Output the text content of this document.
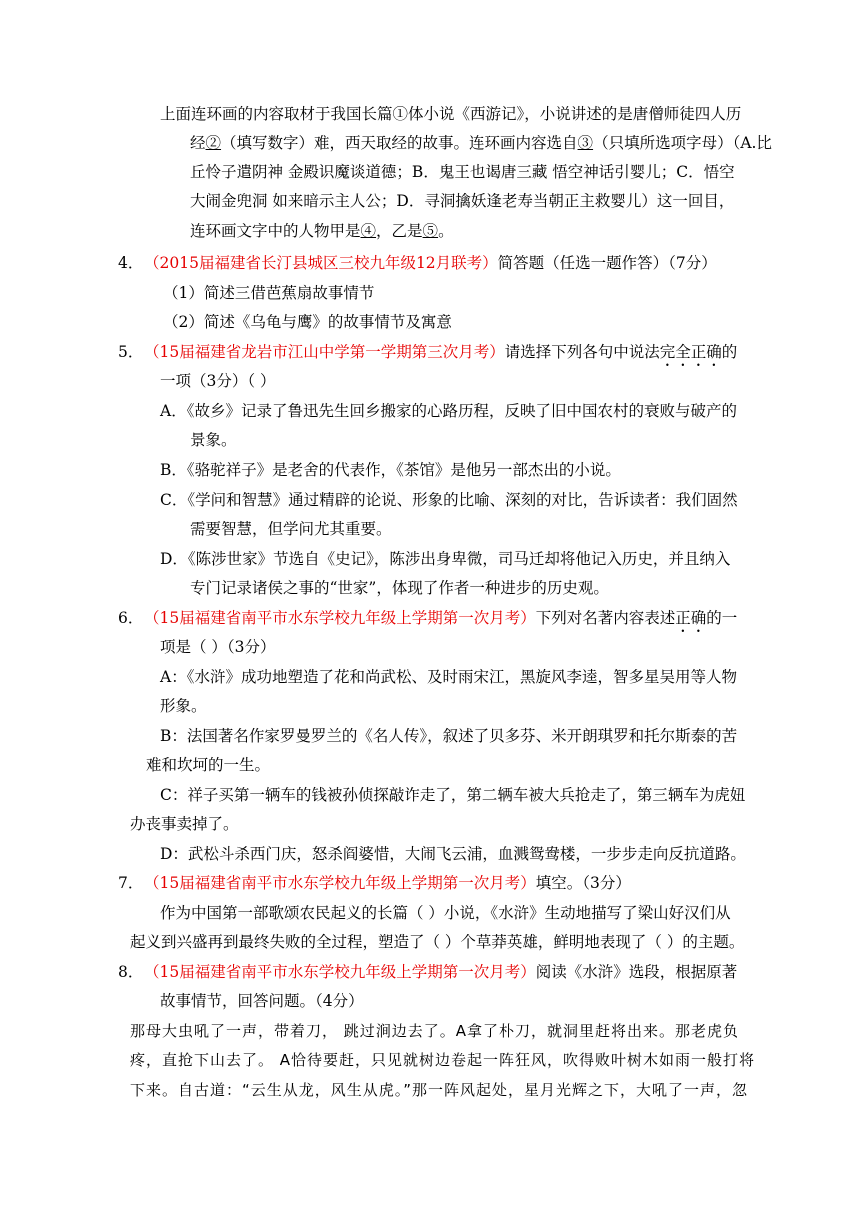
上面连环画的内容取材于我国长篇①体小说《西游记》，小说讲述的是唐僧师徒四人历
经②（填写数字）难，西天取经的故事。连环画内容选自③（只填所选项字母）（A.比
丘怜子遣阴神 金殿识魔谈道德；B．鬼王也谒唐三藏 悟空神话引婴儿；C．悟空
大闹金兜洞 如来暗示主人公；D．寻洞擒妖逢老寿当朝正主救婴儿）这一回目，
连环画文字中的人物甲是④，乙是⑤。
4．（2015届福建省长汀县城区三校九年级12月联考）简答题（任选一题作答）（7分）
（1）简述三借芭蕉扇故事情节
（2）简述《乌龟与鹰》的故事情节及寓意
5．（15届福建省龙岩市江山中学第一学期第三次月考）请选择下列各句中说法完全正确的
一项（3分）（ ）
A．《故乡》记录了鲁迅先生回乡搬家的心路历程，反映了旧中国农村的衰败与破产的
景象。
B．《骆驼祥子》是老舍的代表作，《茶馆》是他另一部杰出的小说。
C．《学问和智慧》通过精辟的论说、形象的比喻、深刻的对比，告诉读者：我们固然
需要智慧，但学问尤其重要。
D．《陈涉世家》节选自《史记》，陈涉出身卑微，司马迁却将他记入历史，并且纳入
专门记录诸侯之事的“世家”，体现了作者一种进步的历史观。
6．（15届福建省南平市水东学校九年级上学期第一次月考）下列对名著内容表述正确的一
项是（ ）（3分）
A：《水浒》成功地塑造了花和尚武松、及时雨宋江，黑旋风李逵，智多星吴用等人物
形象。
B：法国著名作家罗曼罗兰的《名人传》，叙述了贝多芬、米开朗琪罗和托尔斯泰的苦
难和坎坷的一生。
C：祥子买第一辆车的钱被孙侦探敲诈走了，第二辆车被大兵抢走了，第三辆车为虎妞
办丧事卖掉了。
D：武松斗杀西门庆，怒杀阎婆惜，大闹飞云浦，血溅鸳鸯楼，一步步走向反抗道路。
7．（15届福建省南平市水东学校九年级上学期第一次月考）填空。（3分）
作为中国第一部歌颂农民起义的长篇（ ）小说，《水浒》生动地描写了梁山好汉们从
起义到兴盛再到最终失败的全过程，塑造了（ ）个草莽英雄，鲜明地表现了（ ）的主题。
8．（15届福建省南平市水东学校九年级上学期第一次月考）阅读《水浒》选段，根据原著
故事情节，回答问题。（4分）
那母大虫吼了一声，带着刀， 跳过涧边去了。A拿了朴刀，就洞里赶将出来。那老虎负
疼，直抢下山去了。 A恰待要赶，只见就树边卷起一阵狂风，吹得败叶树木如雨一般打将
下来。自古道：“云生从龙，风生从虎。”那一阵风起处，星月光辉之下，大吼了一声，忽
